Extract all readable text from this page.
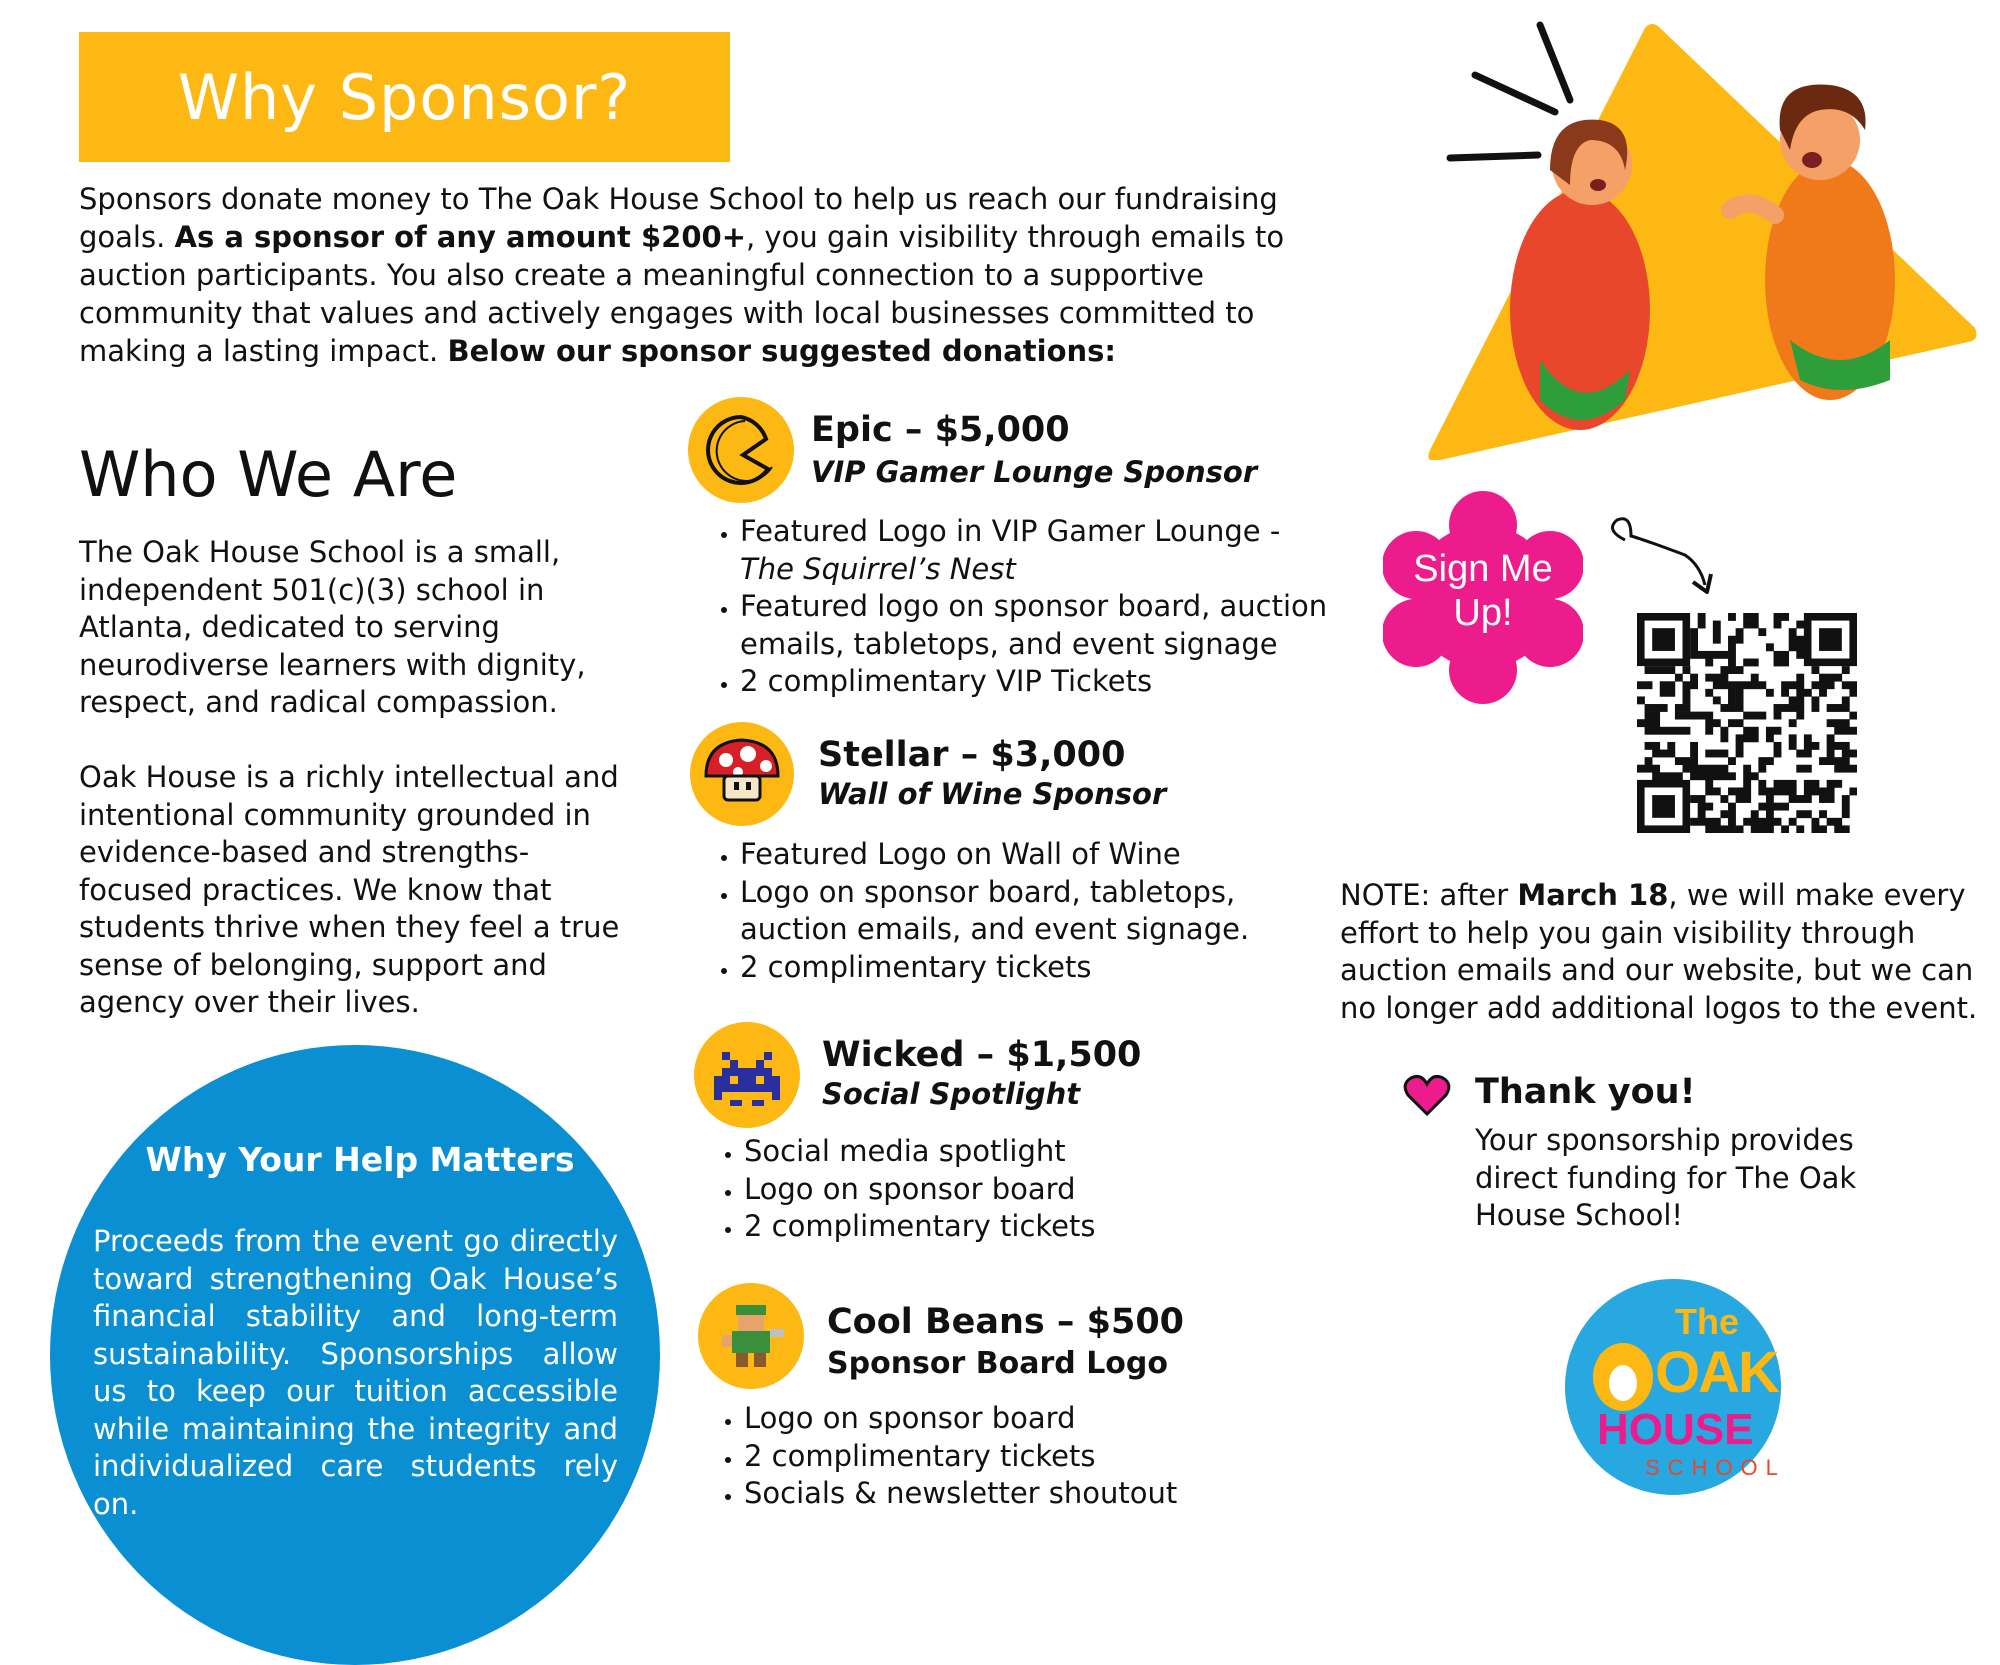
Why Sponsor?
Sponsors donate money to The Oak House School to help us reach our fundraising goals. As a sponsor of any amount $200+, you gain visibility through emails to auction participants. You also create a meaningful connection to a supportive community that values and actively engages with local businesses committed to making a lasting impact. Below our sponsor suggested donations:
Who We Are
The Oak House School is a small, independent 501(c)(3) school in Atlanta, dedicated to serving neurodiverse learners with dignity, respect, and radical compassion.
Oak House is a richly intellectual and intentional community grounded in evidence-based and strengths-focused practices. We know that students thrive when they feel a true sense of belonging, support and agency over their lives.
Why Your Help Matters
Proceeds from the event go directly toward strengthening Oak House’s financial stability and long-term sustainability. Sponsorships allow us to keep our tuition accessible while maintaining the integrity and individualized care students rely on.
Epic – $5,000
VIP Gamer Lounge Sponsor
• Featured Logo in VIP Gamer Lounge -
The Squirrel’s Nest
• Featured logo on sponsor board, auction emails, tabletops, and event signage
• 2 complimentary VIP Tickets
Stellar – $3,000
Wall of Wine Sponsor
• Featured Logo on Wall of Wine
• Logo on sponsor board, tabletops, auction emails, and event signage.
• 2 complimentary tickets
Wicked – $1,500
Social Spotlight
• Social media spotlight
• Logo on sponsor board
• 2 complimentary tickets
Cool Beans – $500
Sponsor Board Logo
• Logo on sponsor board
• 2 complimentary tickets
• Socials & newsletter shoutout
Sign Me
Up!
NOTE: after March 18, we will make every effort to help you gain visibility through auction emails and our website, but we can no longer add additional logos to the event.
Thank you!
Your sponsorship provides direct funding for The Oak House School!
The
OAK
HOUSE
SCHOOL
